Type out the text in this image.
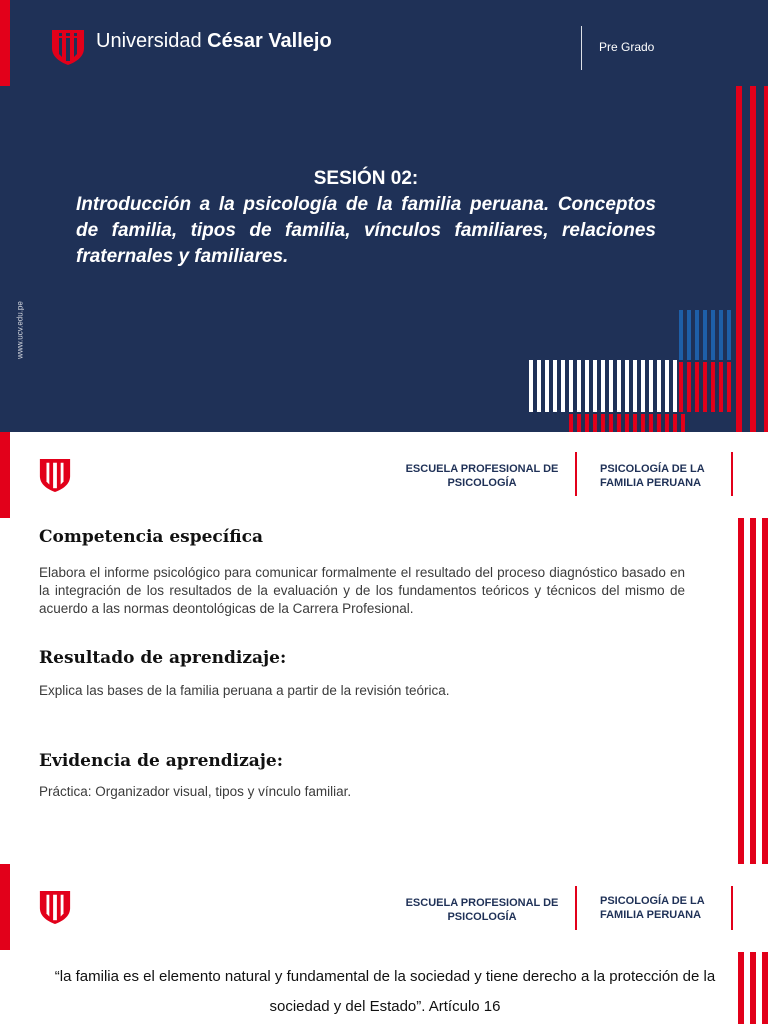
Universidad César Vallejo	Pre Grado
www.ucv.edu.pe
SESIÓN 02:
Introducción a la psicología de la familia peruana. Conceptos de familia, tipos de familia, vínculos familiares, relaciones fraternales y familiares.
ESCUELA PROFESIONAL DE PSICOLOGÍA
PSICOLOGÍA DE LA FAMILIA PERUANA
Competencia específica
Elabora el informe psicológico para comunicar formalmente el resultado del proceso diagnóstico basado en la integración de los resultados de la evaluación y de los fundamentos teóricos y técnicos del mismo de acuerdo a las normas deontológicas de la Carrera Profesional.
Resultado de aprendizaje:
Explica las bases de la familia peruana a partir de la revisión teórica.
Evidencia de aprendizaje:
Práctica: Organizador visual, tipos y vínculo familiar.
ESCUELA PROFESIONAL DE PSICOLOGÍA
PSICOLOGÍA DE LA FAMILIA PERUANA
“la familia es el elemento natural y fundamental de la sociedad y tiene derecho a la protección de la sociedad y del Estado”. Artículo 16
